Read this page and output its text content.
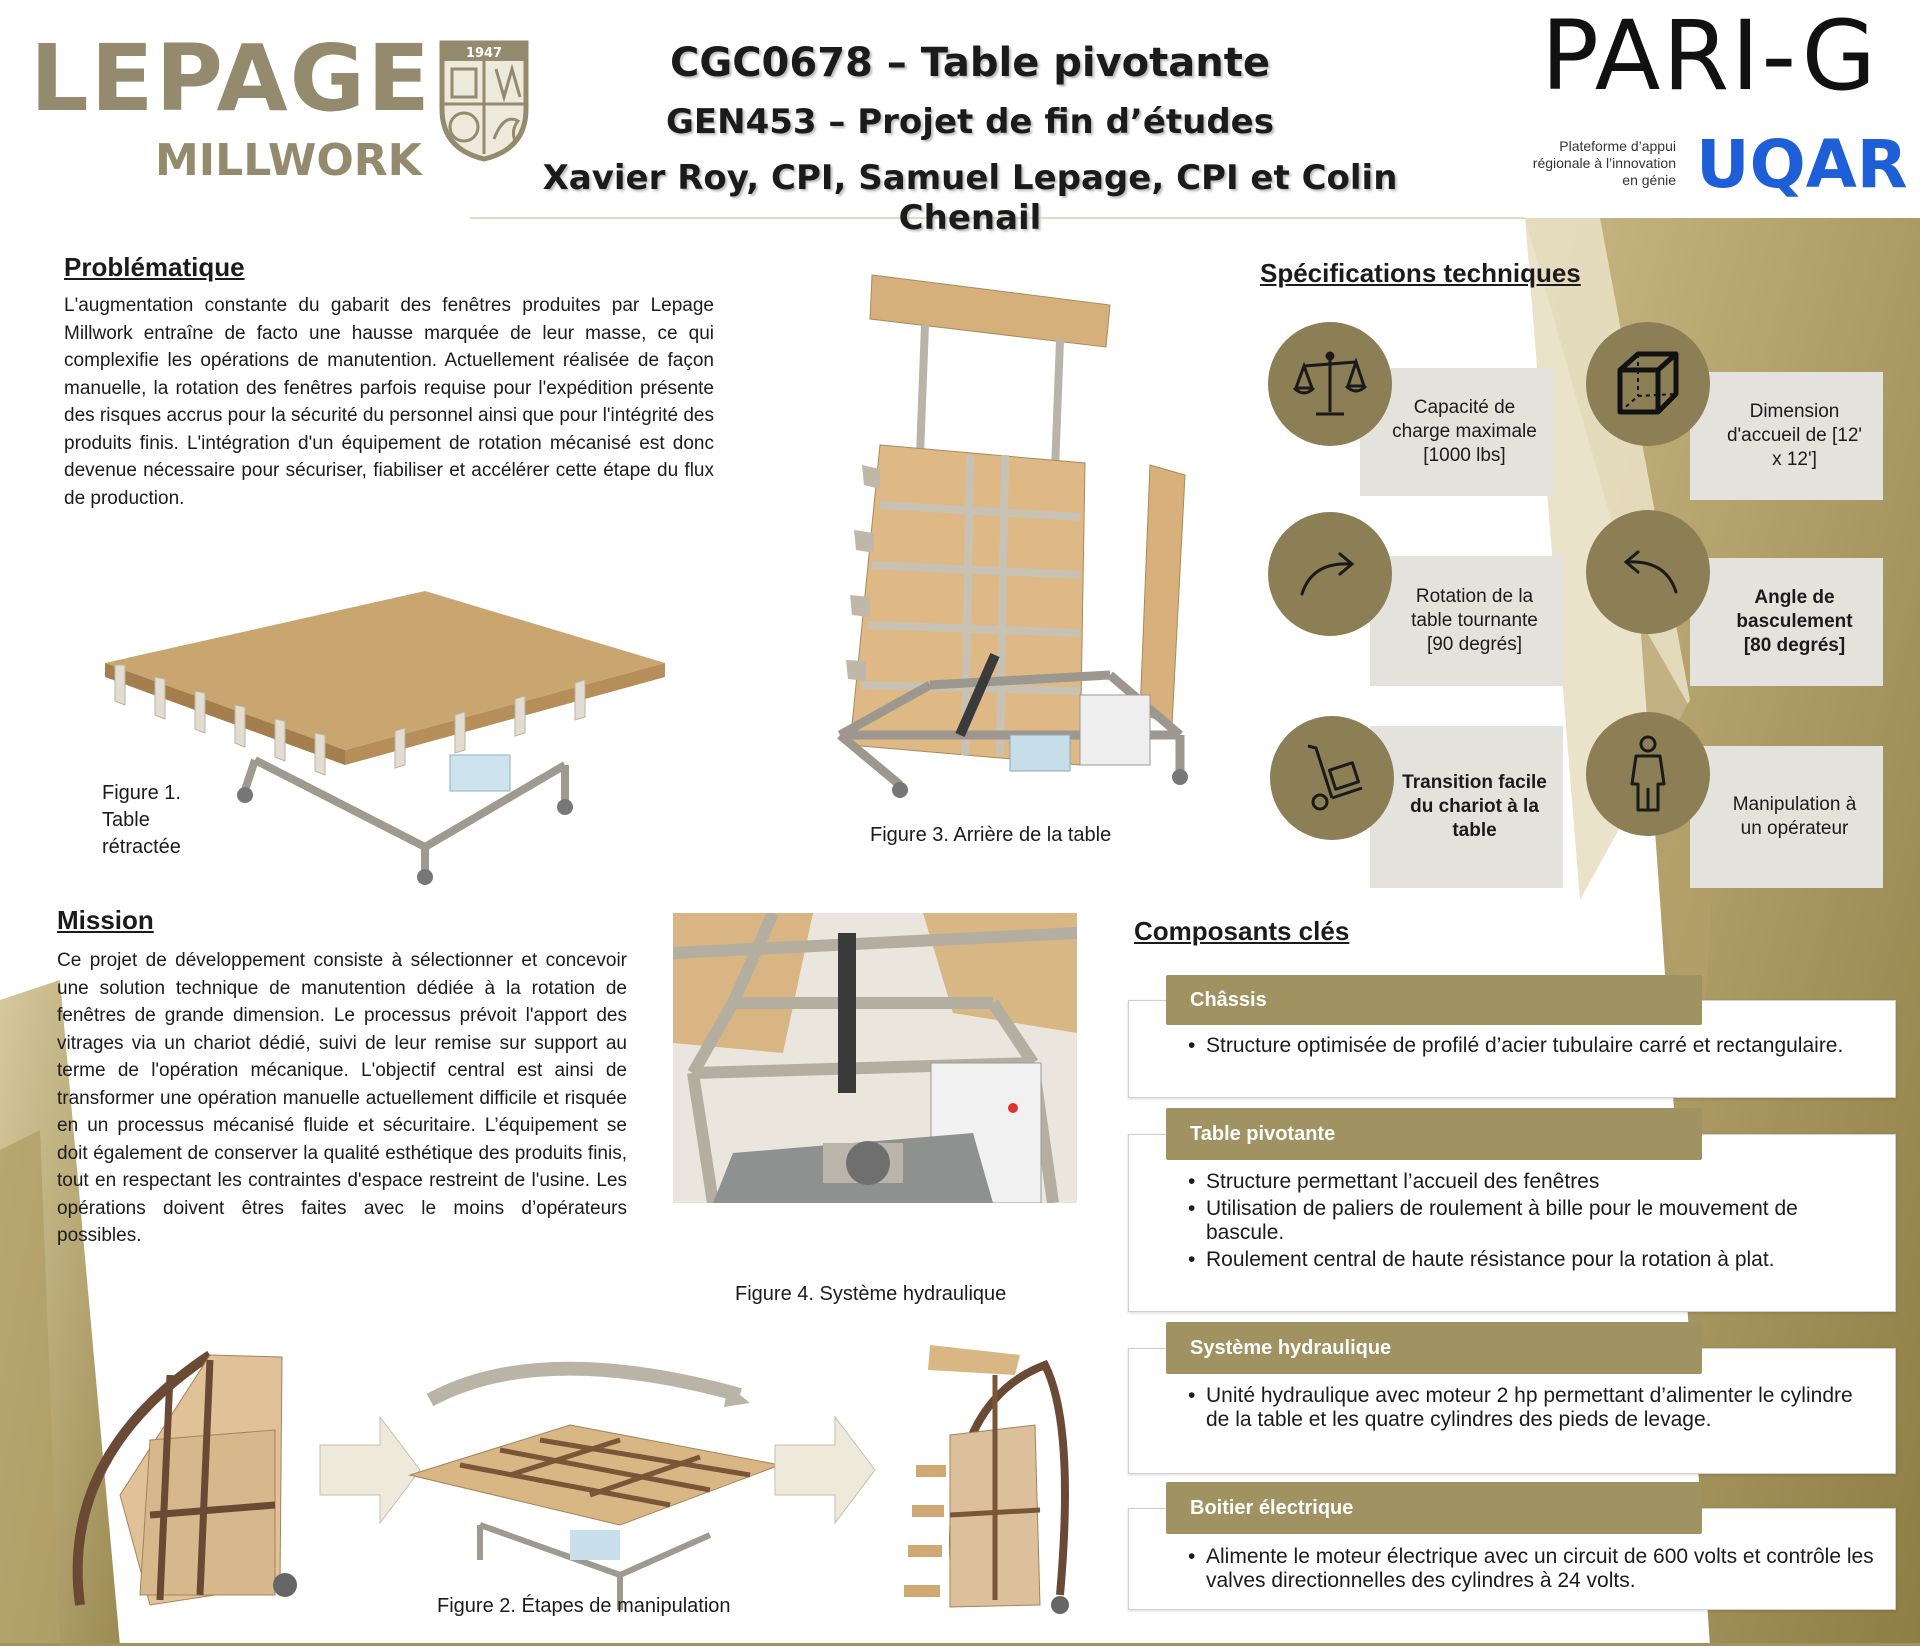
LEPAGE
MILLWORK
1947	CGC0678 – Table pivotante
GEN453 – Projet de fin d’études
Xavier Roy, CPI, Samuel Lepage, CPI et Colin Chenail
PARI-G
Plateforme d’appui
régionale à l’innovation
en génie UQAR
Problématique
L'augmentation constante du gabarit des fenêtres produites par Lepage Millwork entraîne de facto une hausse marquée de leur masse, ce qui complexifie les opérations de manutention. Actuellement réalisée de façon manuelle, la rotation des fenêtres parfois requise pour l'expédition présente des risques accrus pour la sécurité du personnel ainsi que pour l'intégrité des produits finis. L'intégration d'un équipement de rotation mécanisé est donc devenue nécessaire pour sécuriser, fiabiliser et accélérer cette étape du flux de production.
Figure 1.
Table
rétractée
Figure 3. Arrière de la table
Mission
Ce projet de développement consiste à sélectionner et concevoir une solution technique de manutention dédiée à la rotation de fenêtres de grande dimension. Le processus prévoit l'apport des vitrages via un chariot dédié, suivi de leur remise sur support au terme de l'opération mécanique. L'objectif central est ainsi de transformer une opération manuelle actuellement difficile et risquée en un processus mécanisé fluide et sécuritaire. L’équipement se doit également de conserver la qualité esthétique des produits finis, tout en respectant les contraintes d'espace restreint de l'usine. Les opérations doivent êtres faites avec le moins d’opérateurs possibles.
Figure 4. Système hydraulique
Figure 2. Étapes de manipulation
Spécifications techniques
Capacité de charge maximale [1000 lbs]
Dimension d'accueil de [12' x 12']
Rotation de la table tournante [90 degrés]
Angle de basculement [80 degrés]
Transition facile du chariot à la table
Manipulation à un opérateur
Composants clés
Châssis
• Structure optimisée de profilé d’acier tubulaire carré et rectangulaire.
Table pivotante
• Structure permettant l’accueil des fenêtres
• Utilisation de paliers de roulement à bille pour le mouvement de bascule.
• Roulement central de haute résistance pour la rotation à plat.
Système hydraulique
• Unité hydraulique avec moteur 2 hp permettant d’alimenter le cylindre de la table et les quatre cylindres des pieds de levage.
Boitier électrique
• Alimente le moteur électrique avec un circuit de 600 volts et contrôle les valves directionnelles des cylindres à 24 volts.
